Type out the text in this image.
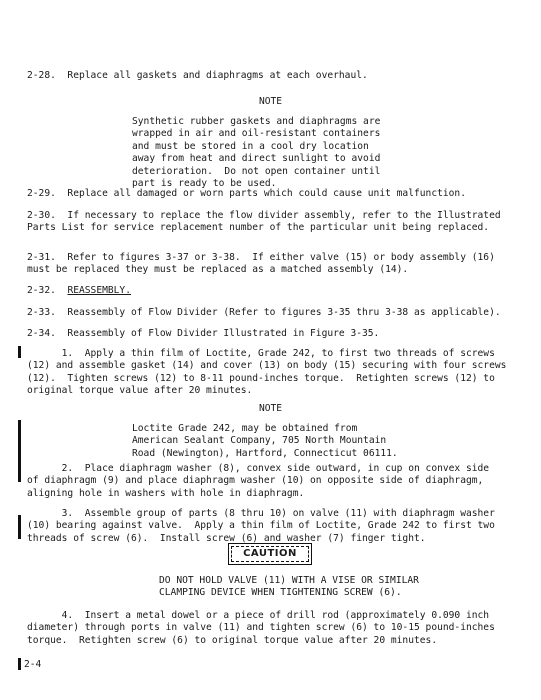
2-28.  Replace all gaskets and diaphragms at each overhaul.
NOTE
Synthetic rubber gaskets and diaphragms are
wrapped in air and oil-resistant containers
and must be stored in a cool dry location
away from heat and direct sunlight to avoid
deterioration.  Do not open container until
part is ready to be used.
2-29.  Replace all damaged or worn parts which could cause unit malfunction.
2-30.  If necessary to replace the flow divider assembly, refer to the Illustrated
Parts List for service replacement number of the particular unit being replaced.
2-31.  Refer to figures 3-37 or 3-38.  If either valve (15) or body assembly (16)
must be replaced they must be replaced as a matched assembly (14).
2-32. REASSEMBLY.
2-33.  Reassembly of Flow Divider (Refer to figures 3-35 thru 3-38 as applicable).
2-34.  Reassembly of Flow Divider Illustrated in Figure 3-35.
1.  Apply a thin film of Loctite, Grade 242, to first two threads of screws
(12) and assemble gasket (14) and cover (13) on body (15) securing with four screws
(12).  Tighten screws (12) to 8-11 pound-inches torque.  Retighten screws (12) to
original torque value after 20 minutes.
NOTE
Loctite Grade 242, may be obtained from
American Sealant Company, 705 North Mountain
Road (Newington), Hartford, Connecticut 06111.
2.  Place diaphragm washer (8), convex side outward, in cup on convex side
of diaphragm (9) and place diaphragm washer (10) on opposite side of diaphragm,
aligning hole in washers with hole in diaphragm.
3.  Assemble group of parts (8 thru 10) on valve (11) with diaphragm washer
(10) bearing against valve.  Apply a thin film of Loctite, Grade 242 to first two
threads of screw (6).  Install screw (6) and washer (7) finger tight.
CAUTION
DO NOT HOLD VALVE (11) WITH A VISE OR SIMILAR
CLAMPING DEVICE WHEN TIGHTENING SCREW (6).
4.  Insert a metal dowel or a piece of drill rod (approximately 0.090 inch
diameter) through ports in valve (11) and tighten screw (6) to 10-15 pound-inches
torque.  Retighten screw (6) to original torque value after 20 minutes.
2-4
